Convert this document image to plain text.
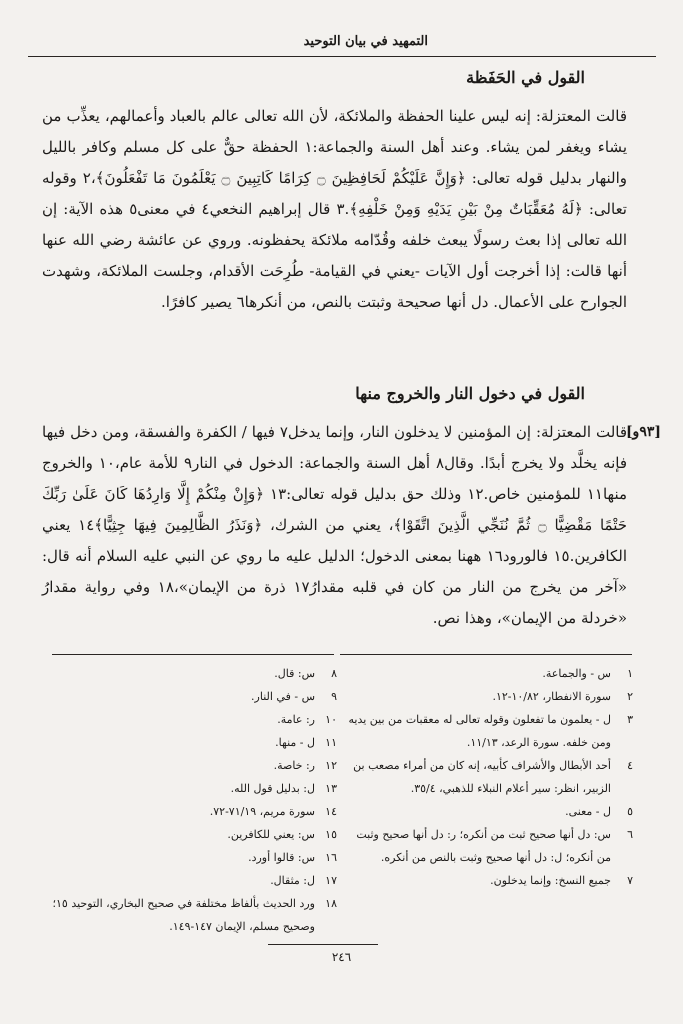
التمهيد في بيان التوحيد
القول في الحَفَظة

قالت المعتزلة: إنه ليس علينا الحفظة والملائكة، لأن الله تعالى عالم بالعباد وأعمالهم، يعذِّب من يشاء ويغفر لمن يشاء. وعند أهل السنة والجماعة:١ الحفظة حقٌّ على كل مسلم وكافر بالليل والنهار بدليل قوله تعالى: ﴿وَإِنَّ عَلَيْكُمْ لَحَافِظِينَ ۝ كِرَامًا كَاتِبِينَ ۝ يَعْلَمُونَ مَا تَفْعَلُونَ﴾،٢ وقوله تعالى: ﴿لَهُ مُعَقِّبَاتٌ مِنْ بَيْنِ يَدَيْهِ وَمِنْ خَلْفِهِ﴾.٣ قال إبراهيم النخعي٤ في معنى٥ هذه الآية: إن الله تعالى إذا بعث رسولًا يبعث خلفه وقُدّامه ملائكة يحفظونه. وروي عن عائشة رضي الله عنها أنها قالت: إذا أخرجت أول الآيات -يعني في القيامة- طُرِحَت الأقدام، وجلست الملائكة، وشهدت الجوارح على الأعمال. دل أنها صحيحة وثبتت بالنص، من أنكرها٦ يصير كافرًا.

القول في دخول النار والخروج منها
[٩٣و]

قالت المعتزلة: إن المؤمنين لا يدخلون النار، وإنما يدخل٧ فيها / الكفرة والفسقة، ومن دخل فيها فإنه يخلَّد ولا يخرج أبدًا. وقال٨ أهل السنة والجماعة: الدخول في النار٩ للأمة عام،١٠ والخروج منها١١ للمؤمنين خاص.١٢ وذلك حق بدليل قوله تعالى:١٣ ﴿وَإِنْ مِنْكُمْ إِلَّا وَارِدُهَا كَانَ عَلَىٰ رَبِّكَ حَتْمًا مَقْضِيًّا ۝ ثُمَّ نُنَجِّي الَّذِينَ اتَّقَوْا﴾، يعني من الشرك، ﴿وَنَذَرُ الظَّالِمِينَ فِيهَا جِثِيًّا﴾١٤ يعني الكافرين.١٥ فالورود١٦ ههنا بمعنى الدخول؛ الدليل عليه ما روي عن النبي عليه السلام أنه قال: «آخر من يخرج من النار من كان في قلبه مقدارُ١٧ ذرة من الإيمان»،١٨ وفي رواية مقدارُ «خردلة من الإيمان»، وهذا نص.

١
س - والجماعة.
٢
سورة الانفطار، ١٠/٨٢-١٢.
٣
ل - يعلمون ما تفعلون وقوله تعالى له معقبات من بين يديه ومن خلفه. سورة الرعد، ١١/١٣.
٤
أحد الأبطال والأشراف كأبيه، إنه كان من أمراء مصعب بن الزبير، انظر: سير أعلام النبلاء للذهبي، ٣٥/٤.
٥
ل - معنى.
٦
س: دل أنها صحيح ثبت من أنكره؛ ر: دل أنها صحيح وثبت من أنكره؛ ل: دل أنها صحيح وثبت بالنص من أنكره.
٧
جميع النسخ: وإنما يدخلون.
٨
س: قال.
٩
س - في النار.
١٠
ر: عامة.
١١
ل - منها.
١٢
ر: خاصة.
١٣
ل: بدليل قول الله.
١٤
سورة مريم، ٧١/١٩-٧٢.
١٥
س: يعني للكافرين.
١٦
س: قالوا أورد.
١٧
ل: مثقال.
١٨
ورد الحديث بألفاظ مختلفة في صحيح البخاري، التوحيد ١٥؛ وصحيح مسلم، الإيمان ١٤٧-١٤٩.
٢٤٦
